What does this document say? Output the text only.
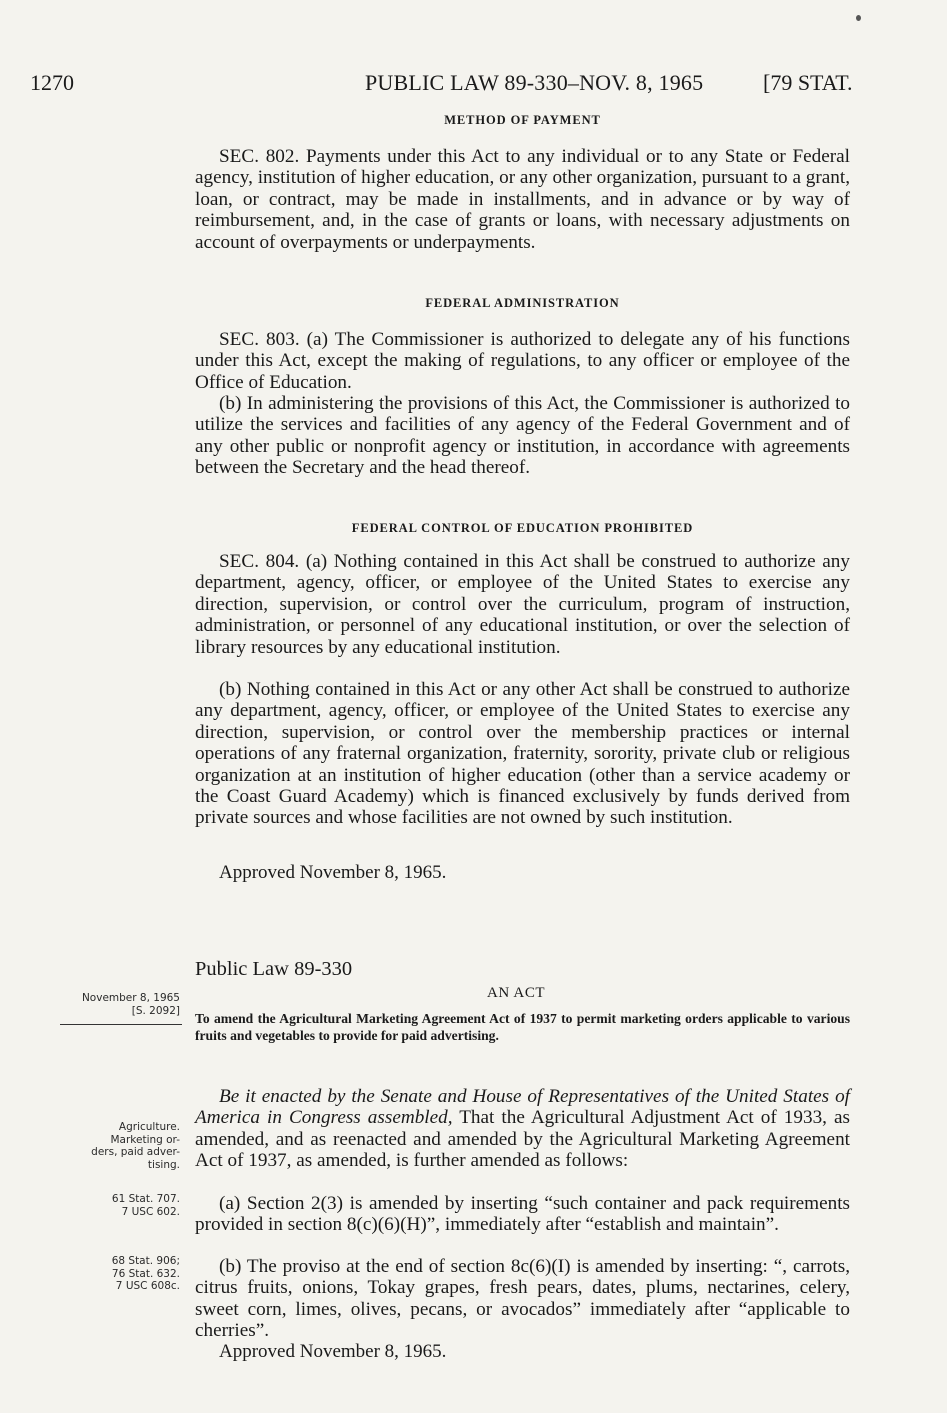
1270	PUBLIC LAW 89-330–NOV. 8, 1965	[79 STAT.
METHOD OF PAYMENT

SEC. 802. Payments under this Act to any individual or to any State or Federal agency, institution of higher education, or any other organization, pursuant to a grant, loan, or contract, may be made in installments, and in advance or by way of reimbursement, and, in the case of grants or loans, with necessary adjustments on account of overpayments or underpayments.

FEDERAL ADMINISTRATION

SEC. 803. (a) The Commissioner is authorized to delegate any of his functions under this Act, except the making of regulations, to any officer or employee of the Office of Education.

(b) In administering the provisions of this Act, the Commissioner is authorized to utilize the services and facilities of any agency of the Federal Government and of any other public or nonprofit agency or institution, in accordance with agreements between the Secretary and the head thereof.

FEDERAL CONTROL OF EDUCATION PROHIBITED

SEC. 804. (a) Nothing contained in this Act shall be construed to authorize any department, agency, officer, or employee of the United States to exercise any direction, supervision, or control over the curriculum, program of instruction, administration, or personnel of any educational institution, or over the selection of library resources by any educational institution.

(b) Nothing contained in this Act or any other Act shall be construed to authorize any department, agency, officer, or employee of the United States to exercise any direction, supervision, or control over the membership practices or internal operations of any fraternal organization, fraternity, sorority, private club or religious organization at an institution of higher education (other than a service academy or the Coast Guard Academy) which is financed exclusively by funds derived from private sources and whose facilities are not owned by such institution.

Approved November 8, 1965.
Public Law 89-330
AN ACT
November 8, 1965
[S. 2092]

To amend the Agricultural Marketing Agreement Act of 1937 to permit marketing orders applicable to various fruits and vegetables to provide for paid advertising.

Agriculture.
Marketing or-
ders, paid adver-
tising.

Be it enacted by the Senate and House of Representatives of the United States of America in Congress assembled, That the Agricultural Adjustment Act of 1933, as amended, and as reenacted and amended by the Agricultural Marketing Agreement Act of 1937, as amended, is further amended as follows:

61 Stat. 707.
7 USC 602.	(a) Section 2(3) is amended by inserting “such container and pack requirements provided in section 8(c)(6)(H)”, immediately after “establish and maintain”.

68 Stat. 906;
76 Stat. 632.
7 USC 608c.

(b) The proviso at the end of section 8c(6)(I) is amended by inserting: “, carrots, citrus fruits, onions, Tokay grapes, fresh pears, dates, plums, nectarines, celery, sweet corn, limes, olives, pecans, or avocados” immediately after “applicable to cherries”.

Approved November 8, 1965.
